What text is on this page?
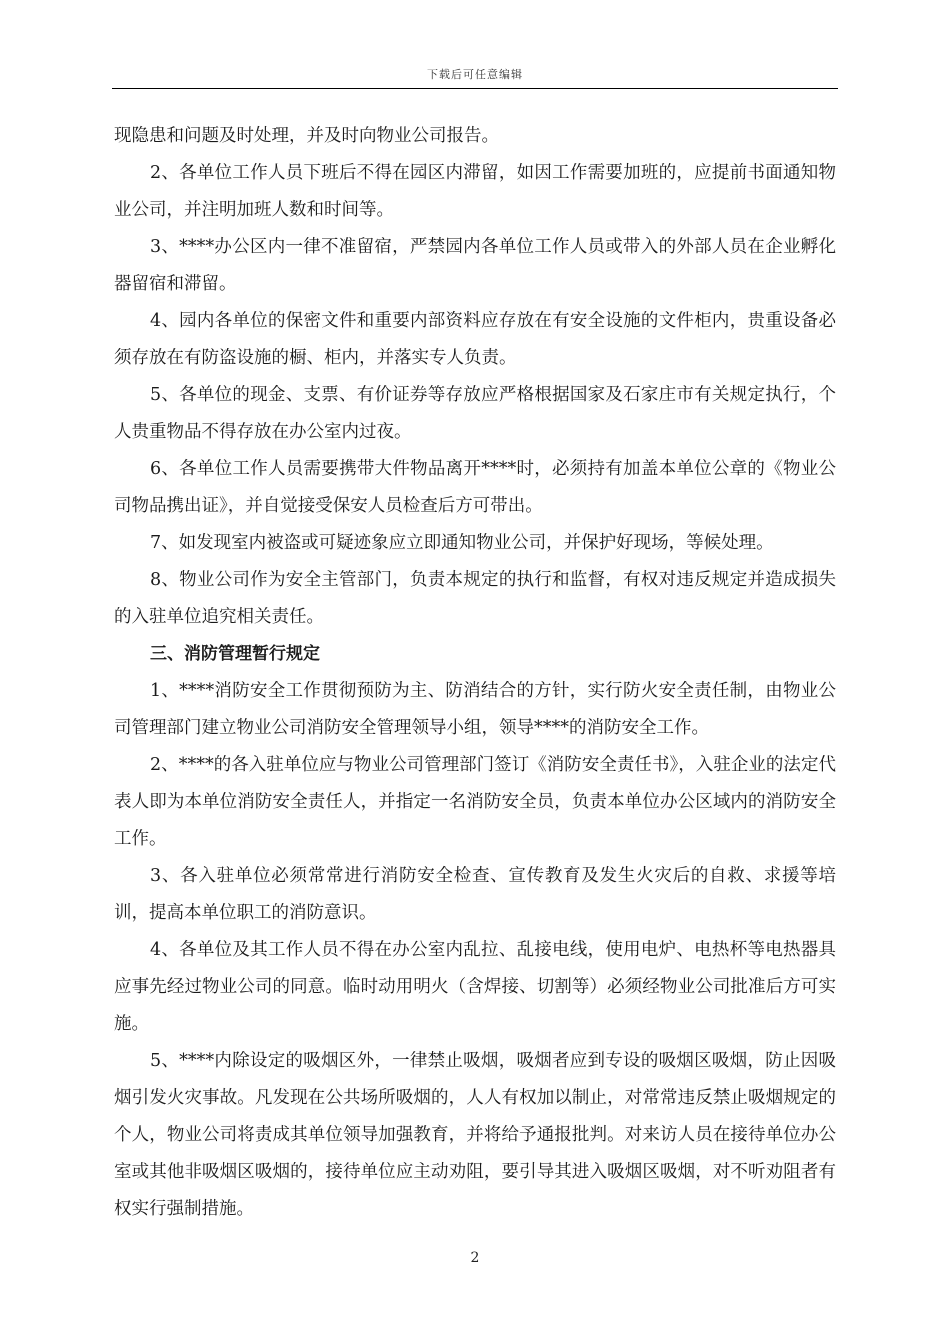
下载后可任意编辑

现隐患和问题及时处理，并及时向物业公司报告。

2、各单位工作人员下班后不得在园区内滞留，如因工作需要加班的，应提前书面通知物业公司，并注明加班人数和时间等。

3、****办公区内一律不准留宿，严禁园内各单位工作人员或带入的外部人员在企业孵化器留宿和滞留。

4、园内各单位的保密文件和重要内部资料应存放在有安全设施的文件柜内，贵重设备必须存放在有防盗设施的橱、柜内，并落实专人负责。

5、各单位的现金、支票、有价证券等存放应严格根据国家及石家庄市有关规定执行，个人贵重物品不得存放在办公室内过夜。

6、各单位工作人员需要携带大件物品离开****时，必须持有加盖本单位公章的《物业公司物品携出证》，并自觉接受保安人员检查后方可带出。

7、如发现室内被盗或可疑迹象应立即通知物业公司，并保护好现场，等候处理。

8、物业公司作为安全主管部门，负责本规定的执行和监督，有权对违反规定并造成损失的入驻单位追究相关责任。

三、消防管理暂行规定

1、****消防安全工作贯彻预防为主、防消结合的方针，实行防火安全责任制，由物业公司管理部门建立物业公司消防安全管理领导小组，领导****的消防安全工作。

2、****的各入驻单位应与物业公司管理部门签订《消防安全责任书》，入驻企业的法定代表人即为本单位消防安全责任人，并指定一名消防安全员，负责本单位办公区域内的消防安全工作。

3、各入驻单位必须常常进行消防安全检查、宣传教育及发生火灾后的自救、求援等培训，提高本单位职工的消防意识。

4、各单位及其工作人员不得在办公室内乱拉、乱接电线，使用电炉、电热杯等电热器具应事先经过物业公司的同意。临时动用明火（含焊接、切割等）必须经物业公司批准后方可实施。

5、****内除设定的吸烟区外，一律禁止吸烟，吸烟者应到专设的吸烟区吸烟，防止因吸烟引发火灾事故。凡发现在公共场所吸烟的，人人有权加以制止，对常常违反禁止吸烟规定的个人，物业公司将责成其单位领导加强教育，并将给予通报批判。对来访人员在接待单位办公室或其他非吸烟区吸烟的，接待单位应主动劝阻，要引导其进入吸烟区吸烟，对不听劝阻者有权实行强制措施。

2
